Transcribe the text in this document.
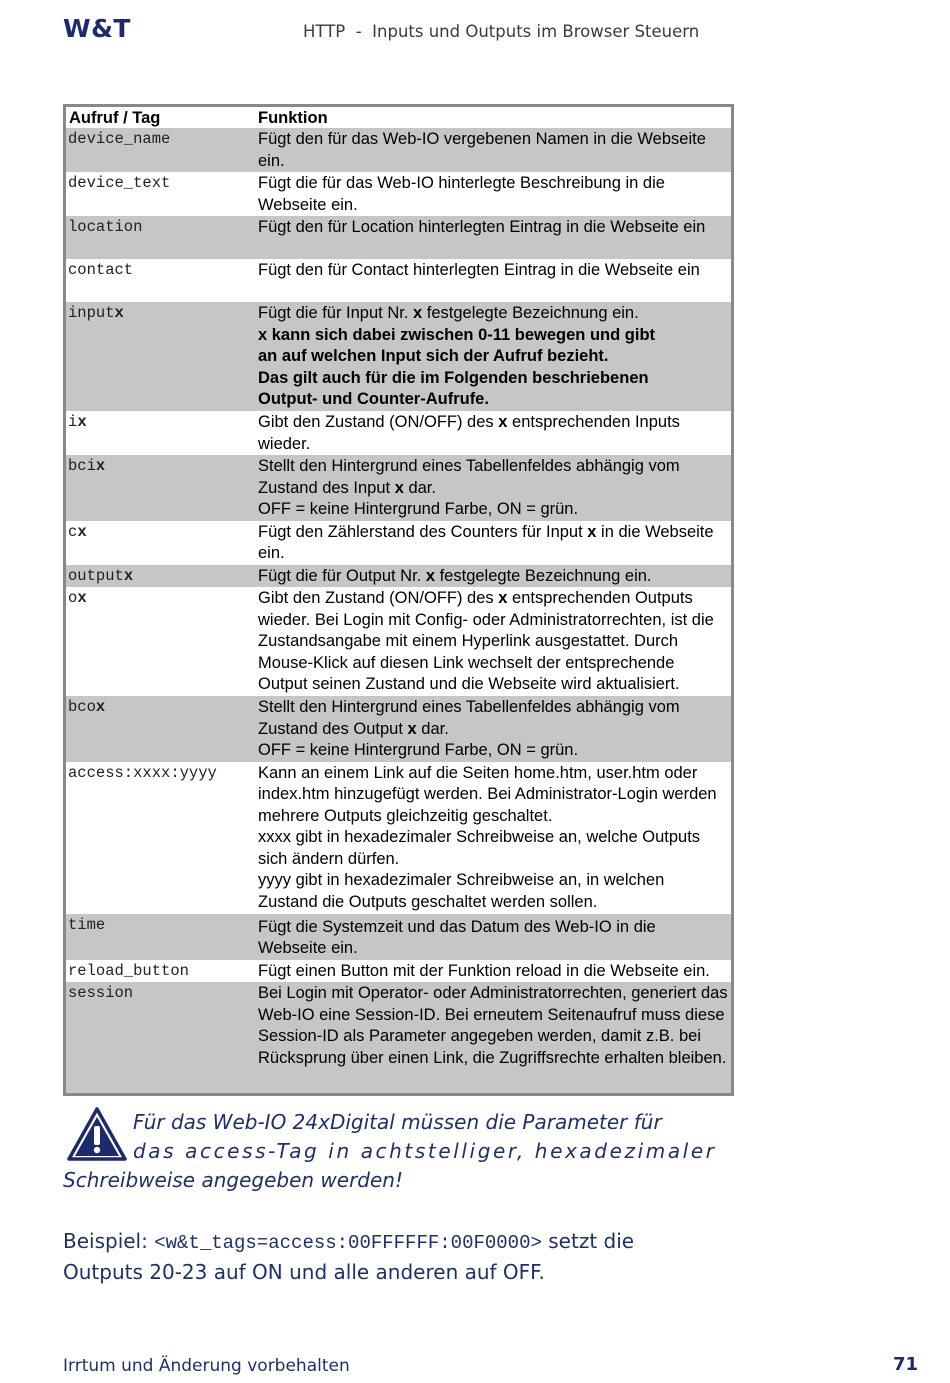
W&T	HTTP  -  Inputs und Outputs im Browser Steuern
Aufruf / Tag	Funktion
device_name	Fügt den für das Web-IO vergebenen Namen in die Webseite ein.
device_text	Fügt die für das Web-IO hinterlegte Beschreibung in die Webseite ein.
location	Fügt den für Location hinterlegten Eintrag in die Webseite ein
contact	Fügt den für Contact hinterlegten Eintrag in die Webseite ein
inputx	Fügt die für Input Nr. x festgelegte Bezeichnung ein.
x kann sich dabei zwischen 0-11 bewegen und gibt
an auf welchen Input sich der Aufruf bezieht.
Das gilt auch für die im Folgenden beschriebenen
Output- und Counter-Aufrufe.

ix	Gibt den Zustand (ON/OFF) des x entsprechenden Inputs wieder.
bcix	Stellt den Hintergrund eines Tabellenfeldes abhängig vom Zustand des Input x dar.
OFF = keine Hintergrund Farbe, ON = grün.

cx	Fügt den Zählerstand des Counters für Input x in die Webseite ein.
outputx	Fügt die für Output Nr. x festgelegte Bezeichnung ein.
ox	Gibt den Zustand (ON/OFF) des x entsprechenden Outputs wieder. Bei Login mit Config- oder Administratorrechten, ist die Zustandsangabe mit einem Hyperlink ausgestattet. Durch Mouse-Klick auf diesen Link wechselt der entsprechende Output seinen Zustand und die Webseite wird aktualisiert.
bcox	Stellt den Hintergrund eines Tabellenfeldes abhängig vom Zustand des Output x dar.
OFF = keine Hintergrund Farbe, ON = grün.

access:xxxx:yyyy	Kann an einem Link auf die Seiten home.htm, user.htm oder index.htm hinzugefügt werden. Bei Administrator-Login werden mehrere Outputs gleichzeitig geschaltet.
xxxx gibt in hexadezimaler Schreibweise an, welche Outputs sich ändern dürfen.
yyyy gibt in hexadezimaler Schreibweise an, in welchen Zustand die Outputs geschaltet werden sollen.

time	Fügt die Systemzeit und das Datum des Web-IO in die Webseite ein.
reload_button	Fügt einen Button mit der Funktion reload in die Webseite ein.
session	Bei Login mit Operator- oder Administratorrechten, generiert das Web-IO eine Session-ID. Bei erneutem Seitenaufruf muss diese Session-ID als Parameter angegeben werden, damit z.B. bei Rücksprung über einen Link, die Zugriffsrechte erhalten bleiben.
Für das Web-IO 24xDigital müssen die Parameter für
das access-Tag in achtstelliger, hexadezimaler
Schreibweise angegeben werden!
Beispiel: <w&t_tags=access:00FFFFFF:00F0000> setzt die
Outputs 20-23 auf ON und alle anderen auf OFF.
Irrtum und Änderung vorbehalten	71
